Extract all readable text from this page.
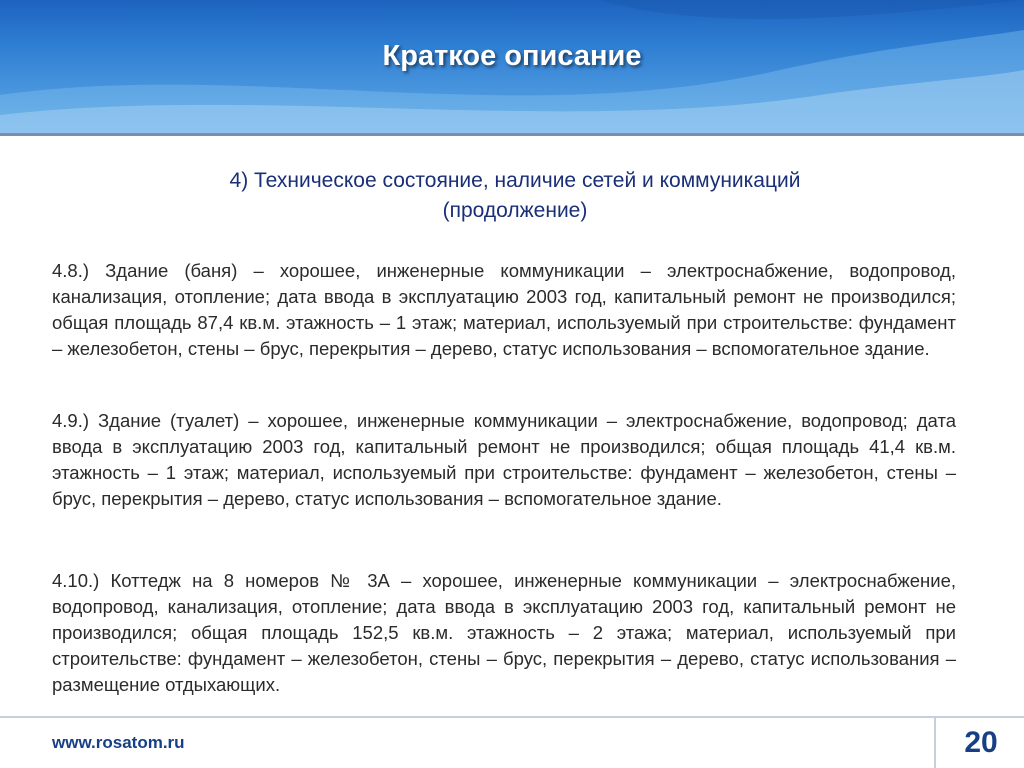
Краткое описание
4) Техническое состояние, наличие сетей и коммуникаций
(продолжение)

4.8.) Здание (баня) – хорошее, инженерные коммуникации – электроснабжение, водопровод, канализация, отопление; дата ввода в эксплуатацию 2003 год, капитальный ремонт не производился; общая площадь 87,4 кв.м. этажность – 1 этаж; материал, используемый при строительстве: фундамент – железобетон, стены – брус, перекрытия – дерево, статус использования – вспомогательное здание.

4.9.) Здание (туалет) – хорошее, инженерные коммуникации – электроснабжение, водопровод; дата ввода в эксплуатацию 2003 год, капитальный ремонт не производился; общая площадь 41,4 кв.м. этажность – 1 этаж; материал, используемый при строительстве: фундамент – железобетон, стены – брус, перекрытия – дерево, статус использования – вспомогательное здание.

4.10.) Коттедж на 8 номеров № 3А – хорошее, инженерные коммуникации – электроснабжение, водопровод, канализация, отопление; дата ввода в эксплуатацию 2003 год, капитальный ремонт не производился; общая площадь 152,5 кв.м. этажность – 2 этажа; материал, используемый при строительстве: фундамент – железобетон, стены – брус, перекрытия – дерево, статус использования – размещение отдыхающих.

www.rosatom.ru	20
